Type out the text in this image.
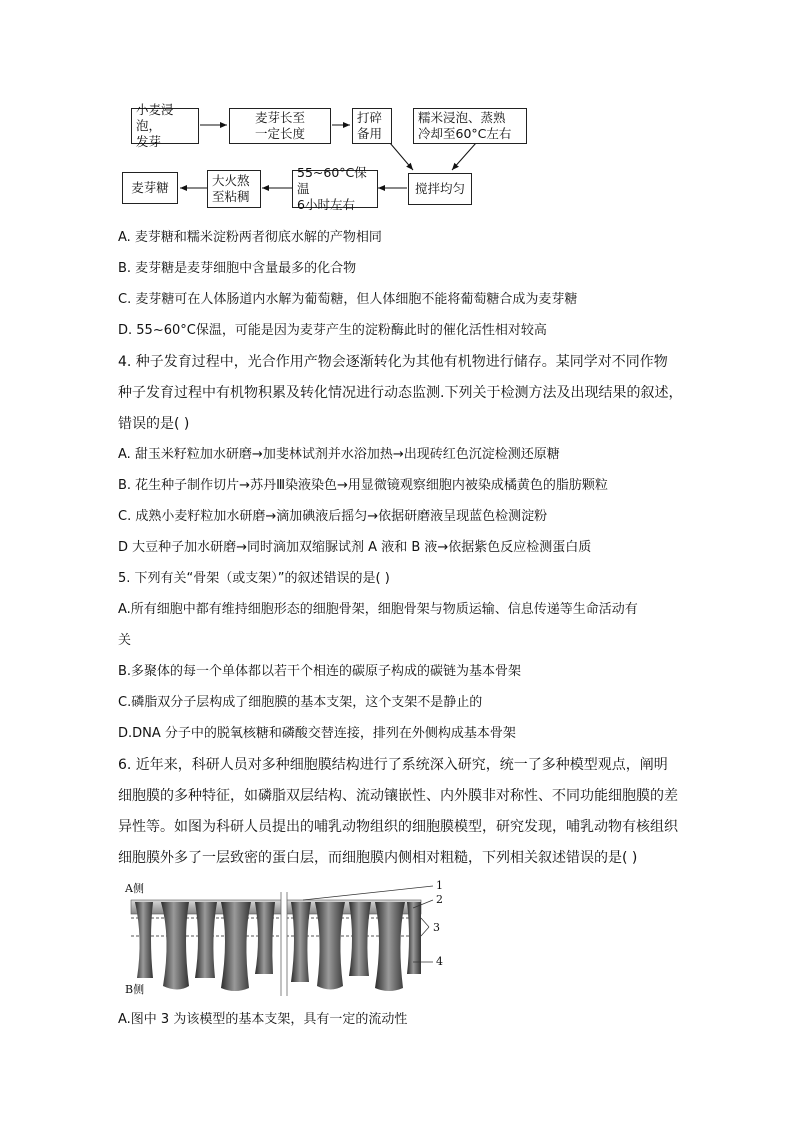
小麦浸泡，
发芽
麦芽长至
一定长度
打碎
备用
糯米浸泡、蒸熟
冷却至60°C左右
搅拌均匀
55~60°C保温
6小时左右
大火熬
至粘稠
麦芽糖
A. 麦芽糖和糯米淀粉两者彻底水解的产物相同
B. 麦芽糖是麦芽细胞中含量最多的化合物
C. 麦芽糖可在人体肠道内水解为葡萄糖，但人体细胞不能将葡萄糖合成为麦芽糖
D. 55~60°C保温，可能是因为麦芽产生的淀粉酶此时的催化活性相对较高
4. 种子发育过程中，光合作用产物会逐渐转化为其他有机物进行储存。某同学对不同作物
种子发育过程中有机物积累及转化情况进行动态监测.下列关于检测方法及出现结果的叙述，
错误的是( )
A. 甜玉米籽粒加水研磨→加斐林试剂并水浴加热→出现砖红色沉淀检测还原糖
B. 花生种子制作切片→苏丹Ⅲ染液染色→用显微镜观察细胞内被染成橘黄色的脂肪颗粒
C. 成熟小麦籽粒加水研磨→滴加碘液后摇匀→依据研磨液呈现蓝色检测淀粉
D 大豆种子加水研磨→同时滴加双缩脲试剂 A 液和 B 液→依据紫色反应检测蛋白质
5. 下列有关“骨架（或支架）”的叙述错误的是( )
A.所有细胞中都有维持细胞形态的细胞骨架，细胞骨架与物质运输、信息传递等生命活动有
关
B.多聚体的每一个单体都以若干个相连的碳原子构成的碳链为基本骨架
C.磷脂双分子层构成了细胞膜的基本支架，这个支架不是静止的
D.DNA 分子中的脱氧核糖和磷酸交替连接，排列在外侧构成基本骨架
6. 近年来，科研人员对多种细胞膜结构进行了系统深入研究，统一了多种模型观点，阐明
细胞膜的多种特征，如磷脂双层结构、流动镶嵌性、内外膜非对称性、不同功能细胞膜的差
异性等。如图为科研人员提出的哺乳动物组织的细胞膜模型，研究发现，哺乳动物有核组织
细胞膜外多了一层致密的蛋白层，而细胞膜内侧相对粗糙，下列相关叙述错误的是( )
A.图中 3 为该模型的基本支架，具有一定的流动性
A侧
B侧
1
2
3
4
